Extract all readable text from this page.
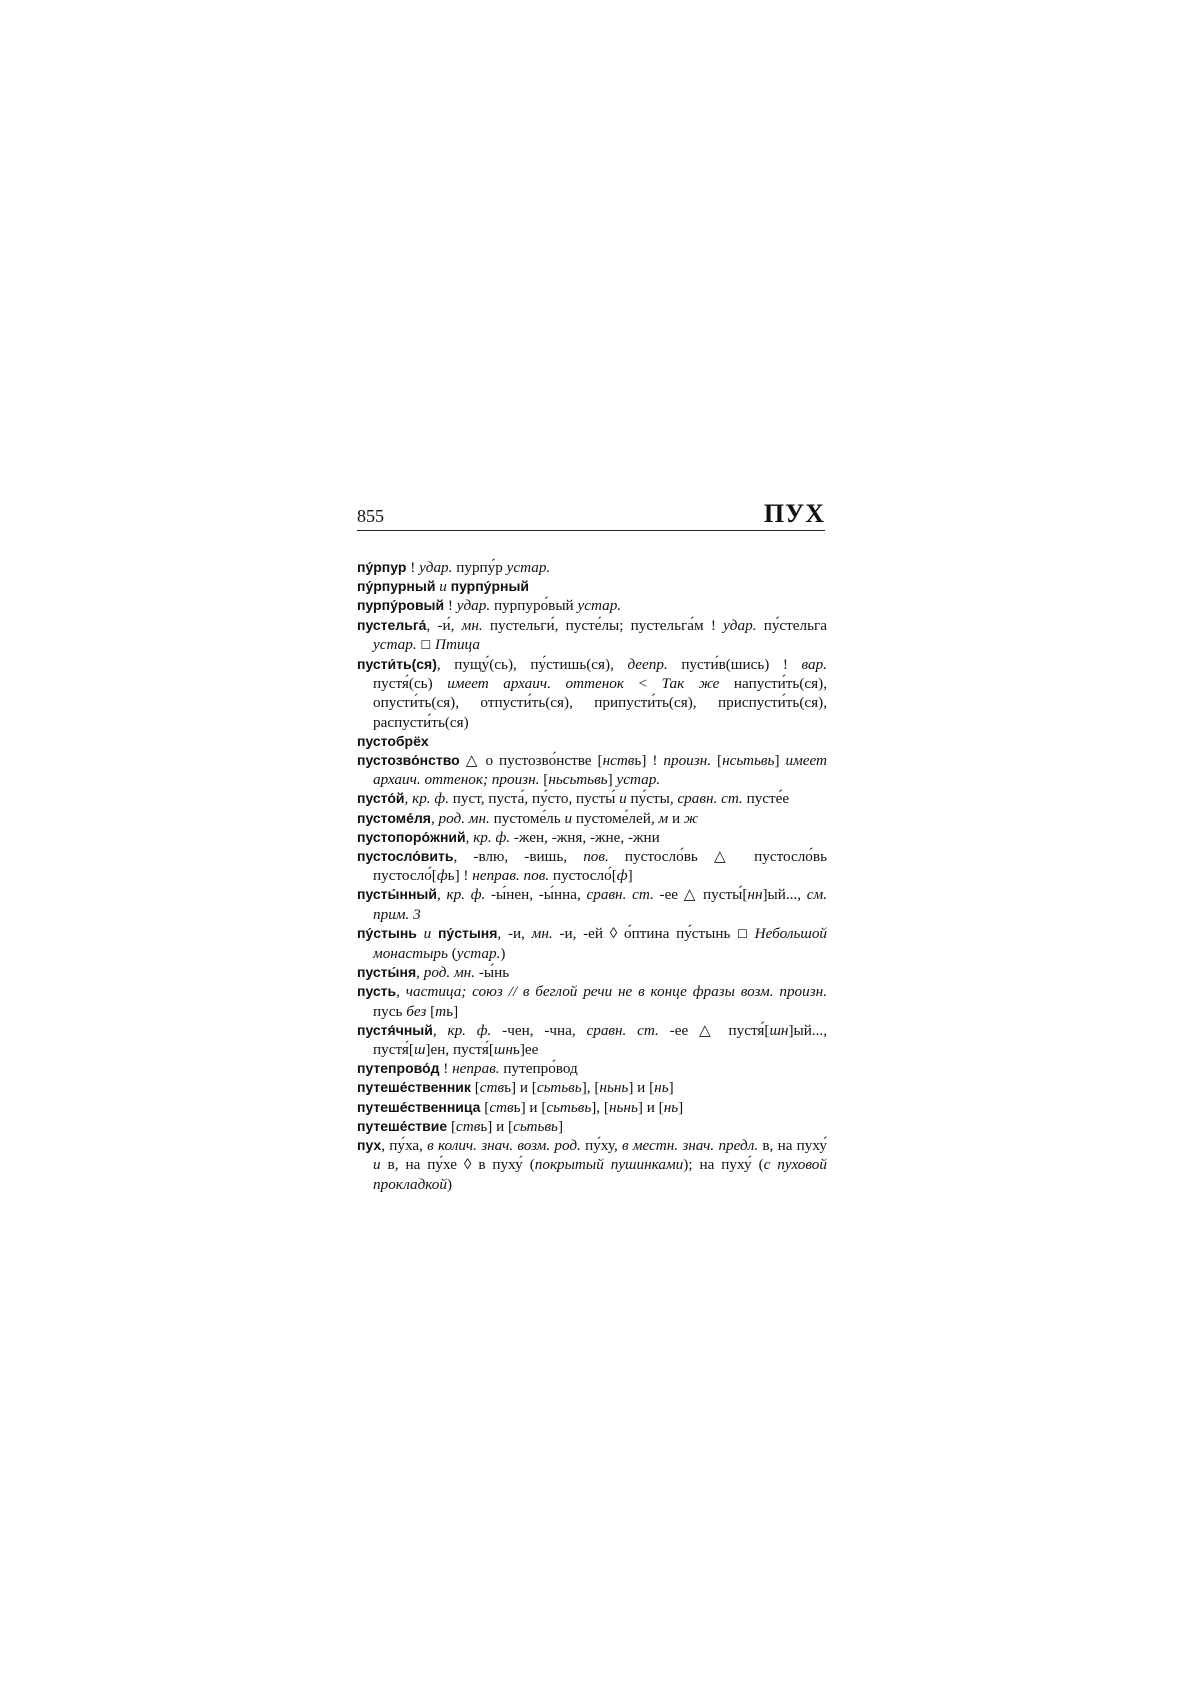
855	ПУХ

пу́рпур ! удар. пурпу́р устар.

пу́рпурный и пурпу́рный

пурпу́ровый ! удар. пурпуро́вый устар.

пустельга́, -и́, мн. пустельги́, пусте́лы; пустельга́м ! удар. пу́стельга устар. ☐ Птица

пусти́ть(ся), пущу́(сь), пу́стишь(ся), деепр. пусти́в(шись) ! вар. пустя́(сь) имеет архаич. оттенок < Так же напусти́ть(ся), опусти́ть(ся), отпусти́ть(ся), припусти́ть(ся), приспусти́ть(ся), распусти́ть(ся)

пустобрёх

пустозво́нство △ о пустозво́нстве [нствь] ! произн. [нсьтьвь] имеет архаич. оттенок; произн. [ньсьтьвь] устар.

пусто́й, кр. ф. пуст, пуста́, пу́сто, пусты́ и пу́сты, сравн. ст. пусте́е

пустоме́ля, род. мн. пустоме́ль и пустоме́лей, м и ж

пустопоро́жний, кр. ф. -жен, -жня, -жне, -жни

пустосло́вить, -влю, -вишь, пов. пустосло́вь △ пустосло́вь пустосло́[фь] ! неправ. пов. пустосло́[ф]

пусты́нный, кр. ф. -ы́нен, -ы́нна, сравн. ст. -ее △ пусты́[нн]ый..., см. прим. 3

пу́стынь и пу́стыня, -и, мн. -и, -ей ◊ о́птина пу́стынь ☐ Небольшой монастырь (устар.)

пусты́ня, род. мн. -ы́нь

пусть, частица; союз // в беглой речи не в конце фразы возм. произн. пусь без [ть]

пустя́чный, кр. ф. -чен, -чна, сравн. ст. -ее △ пустя́[шн]ый..., пустя́[ш]ен, пустя́[шнь]ее

путепрово́д ! неправ. путепро́вод

путеше́ственник [ствь] и [сьтьвь], [ньнь] и [нь]

путеше́ственница [ствь] и [сьтьвь], [ньнь] и [нь]

путеше́ствие [ствь] и [сьтьвь]

пух, пу́ха, в колич. знач. возм. род. пу́ху, в местн. знач. предл. в, на пуху́ и в, на пу́хе ◊ в пуху́ (покрытый пушинками); на пуху́ (с пуховой прокладкой)
